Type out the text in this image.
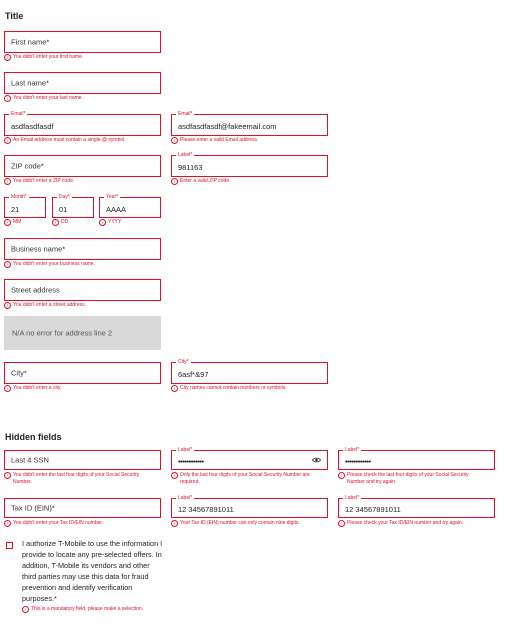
Title
First name*
! You didn't enter your first name.
Last name*
! You didn't enter your last name.
Email*
asdfasdfasdf
! An Email address must contain a single @ symbol.
Email*
asdfasdfasdf@fakeemail.com
! Please enter a valid Email address.
ZIP code*
! You didn't enter a ZIP code.
Label*
981163
! Enter a valid ZIP code.
Month*
21
! MM
Day*
01
! DD
Year*
AAAA
! YYYY
Business name*
! You didn't enter your business name.
Street address
! You didn't enter a street address.
N/A no error for address line 2
City*
! You didn't enter a city.
City*
6asf*&97
! City names cannot contain numbers or symbols.
Hidden fields
Last 4 SSN
! You didn't enter the last four digits of your Social Security
Number.
Label*
••••••••••••
! Only the last four digits of your Social Security Number are
required.
Label*
••••••••••••
! Please check the last four digits of your Social Security
Number and try again.
Tax ID (EIN)*
! You didn't enter your Tax ID/EIN number.
Label*
12 34567891011
! Your Tax ID (EIN) number can only contain nine digits.
Label*
12 34567891011
! Please check your Tax ID/EIN number and try again.
I authorize T-Mobile to use the information I
provide to locate any pre-selected offers. In
addition, T-Mobile its vendors and other
third parties may use this data for fraud
prevention and identify verification
purposes.*
! This is a mandatory field, please make a selection.
